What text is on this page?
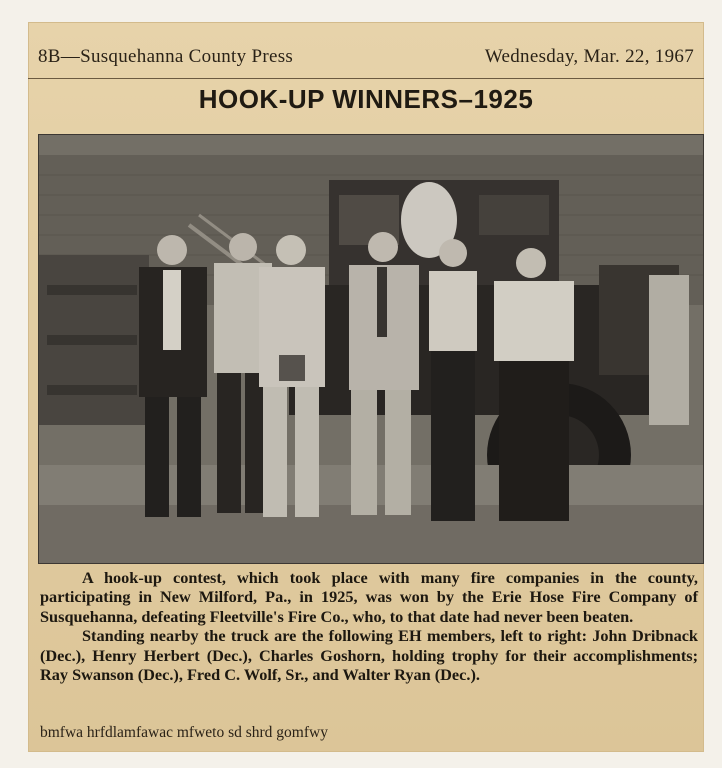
8B—Susquehanna County Press	Wednesday, Mar. 22, 1967
HOOK-UP WINNERS–1925

A hook-up contest, which took place with many fire companies in the county, participating in New Milford, Pa., in 1925, was won by the Erie Hose Fire Company of Susquehanna, defeating Fleetville's Fire Co., who, to that date had never been beaten.

Standing nearby the truck are the following EH members, left to right: John Dribnack (Dec.), Henry Herbert (Dec.), Charles Goshorn, holding trophy for their accomplishments; Ray Swanson (Dec.), Fred C. Wolf, Sr., and Walter Ryan (Dec.).

bmfwa hrfdlamfawac mfweto sd shrd gomfwy
